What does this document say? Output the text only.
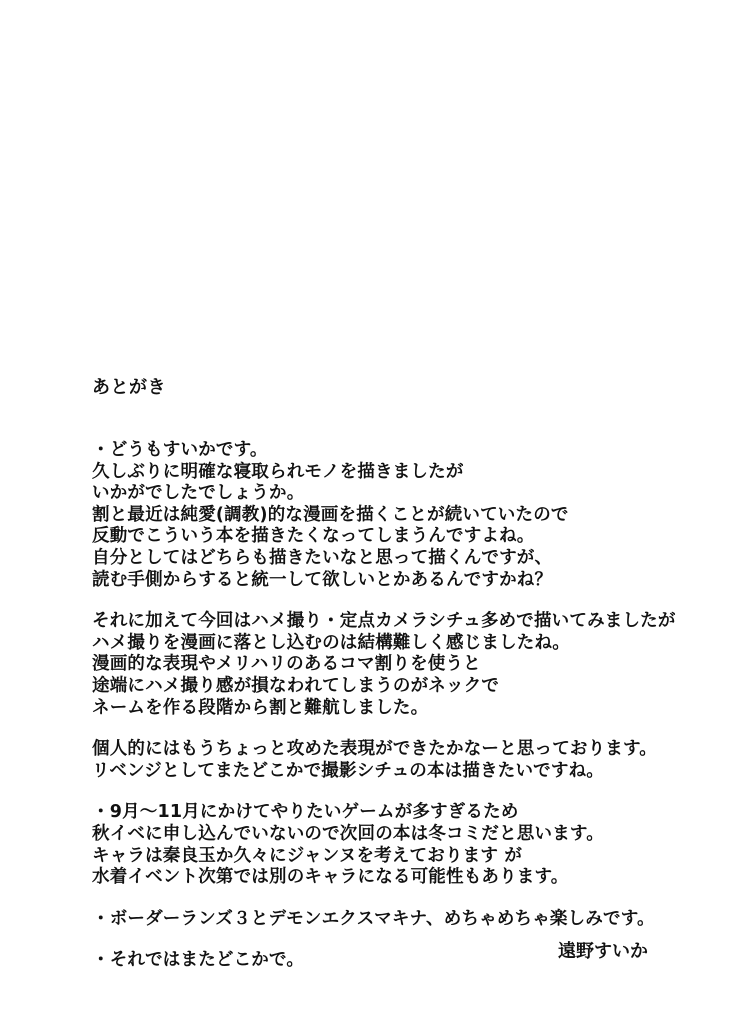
あとがき
・どうもすいかです。
久しぶりに明確な寝取られモノを描きましたが
いかがでしたでしょうか。
割と最近は純愛(調教)的な漫画を描くことが続いていたので
反動でこういう本を描きたくなってしまうんですよね。
自分としてはどちらも描きたいなと思って描くんですが、
読む手側からすると統一して欲しいとかあるんですかね？
それに加えて今回はハメ撮り・定点カメラシチュ多めで描いてみましたが
ハメ撮りを漫画に落とし込むのは結構難しく感じましたね。
漫画的な表現やメリハリのあるコマ割りを使うと
途端にハメ撮り感が損なわれてしまうのがネックで
ネームを作る段階から割と難航しました。
個人的にはもうちょっと攻めた表現ができたかなーと思っております。
リベンジとしてまたどこかで撮影シチュの本は描きたいですね。
・9月～11月にかけてやりたいゲームが多すぎるため
秋イベに申し込んでいないので次回の本は冬コミだと思います。
キャラは秦良玉か久々にジャンヌを考えております が
水着イベント次第では別のキャラになる可能性もあります。
・ボーダーランズ３とデモンエクスマキナ、めちゃめちゃ楽しみです。
・それではまたどこかで。	遠野すいか
